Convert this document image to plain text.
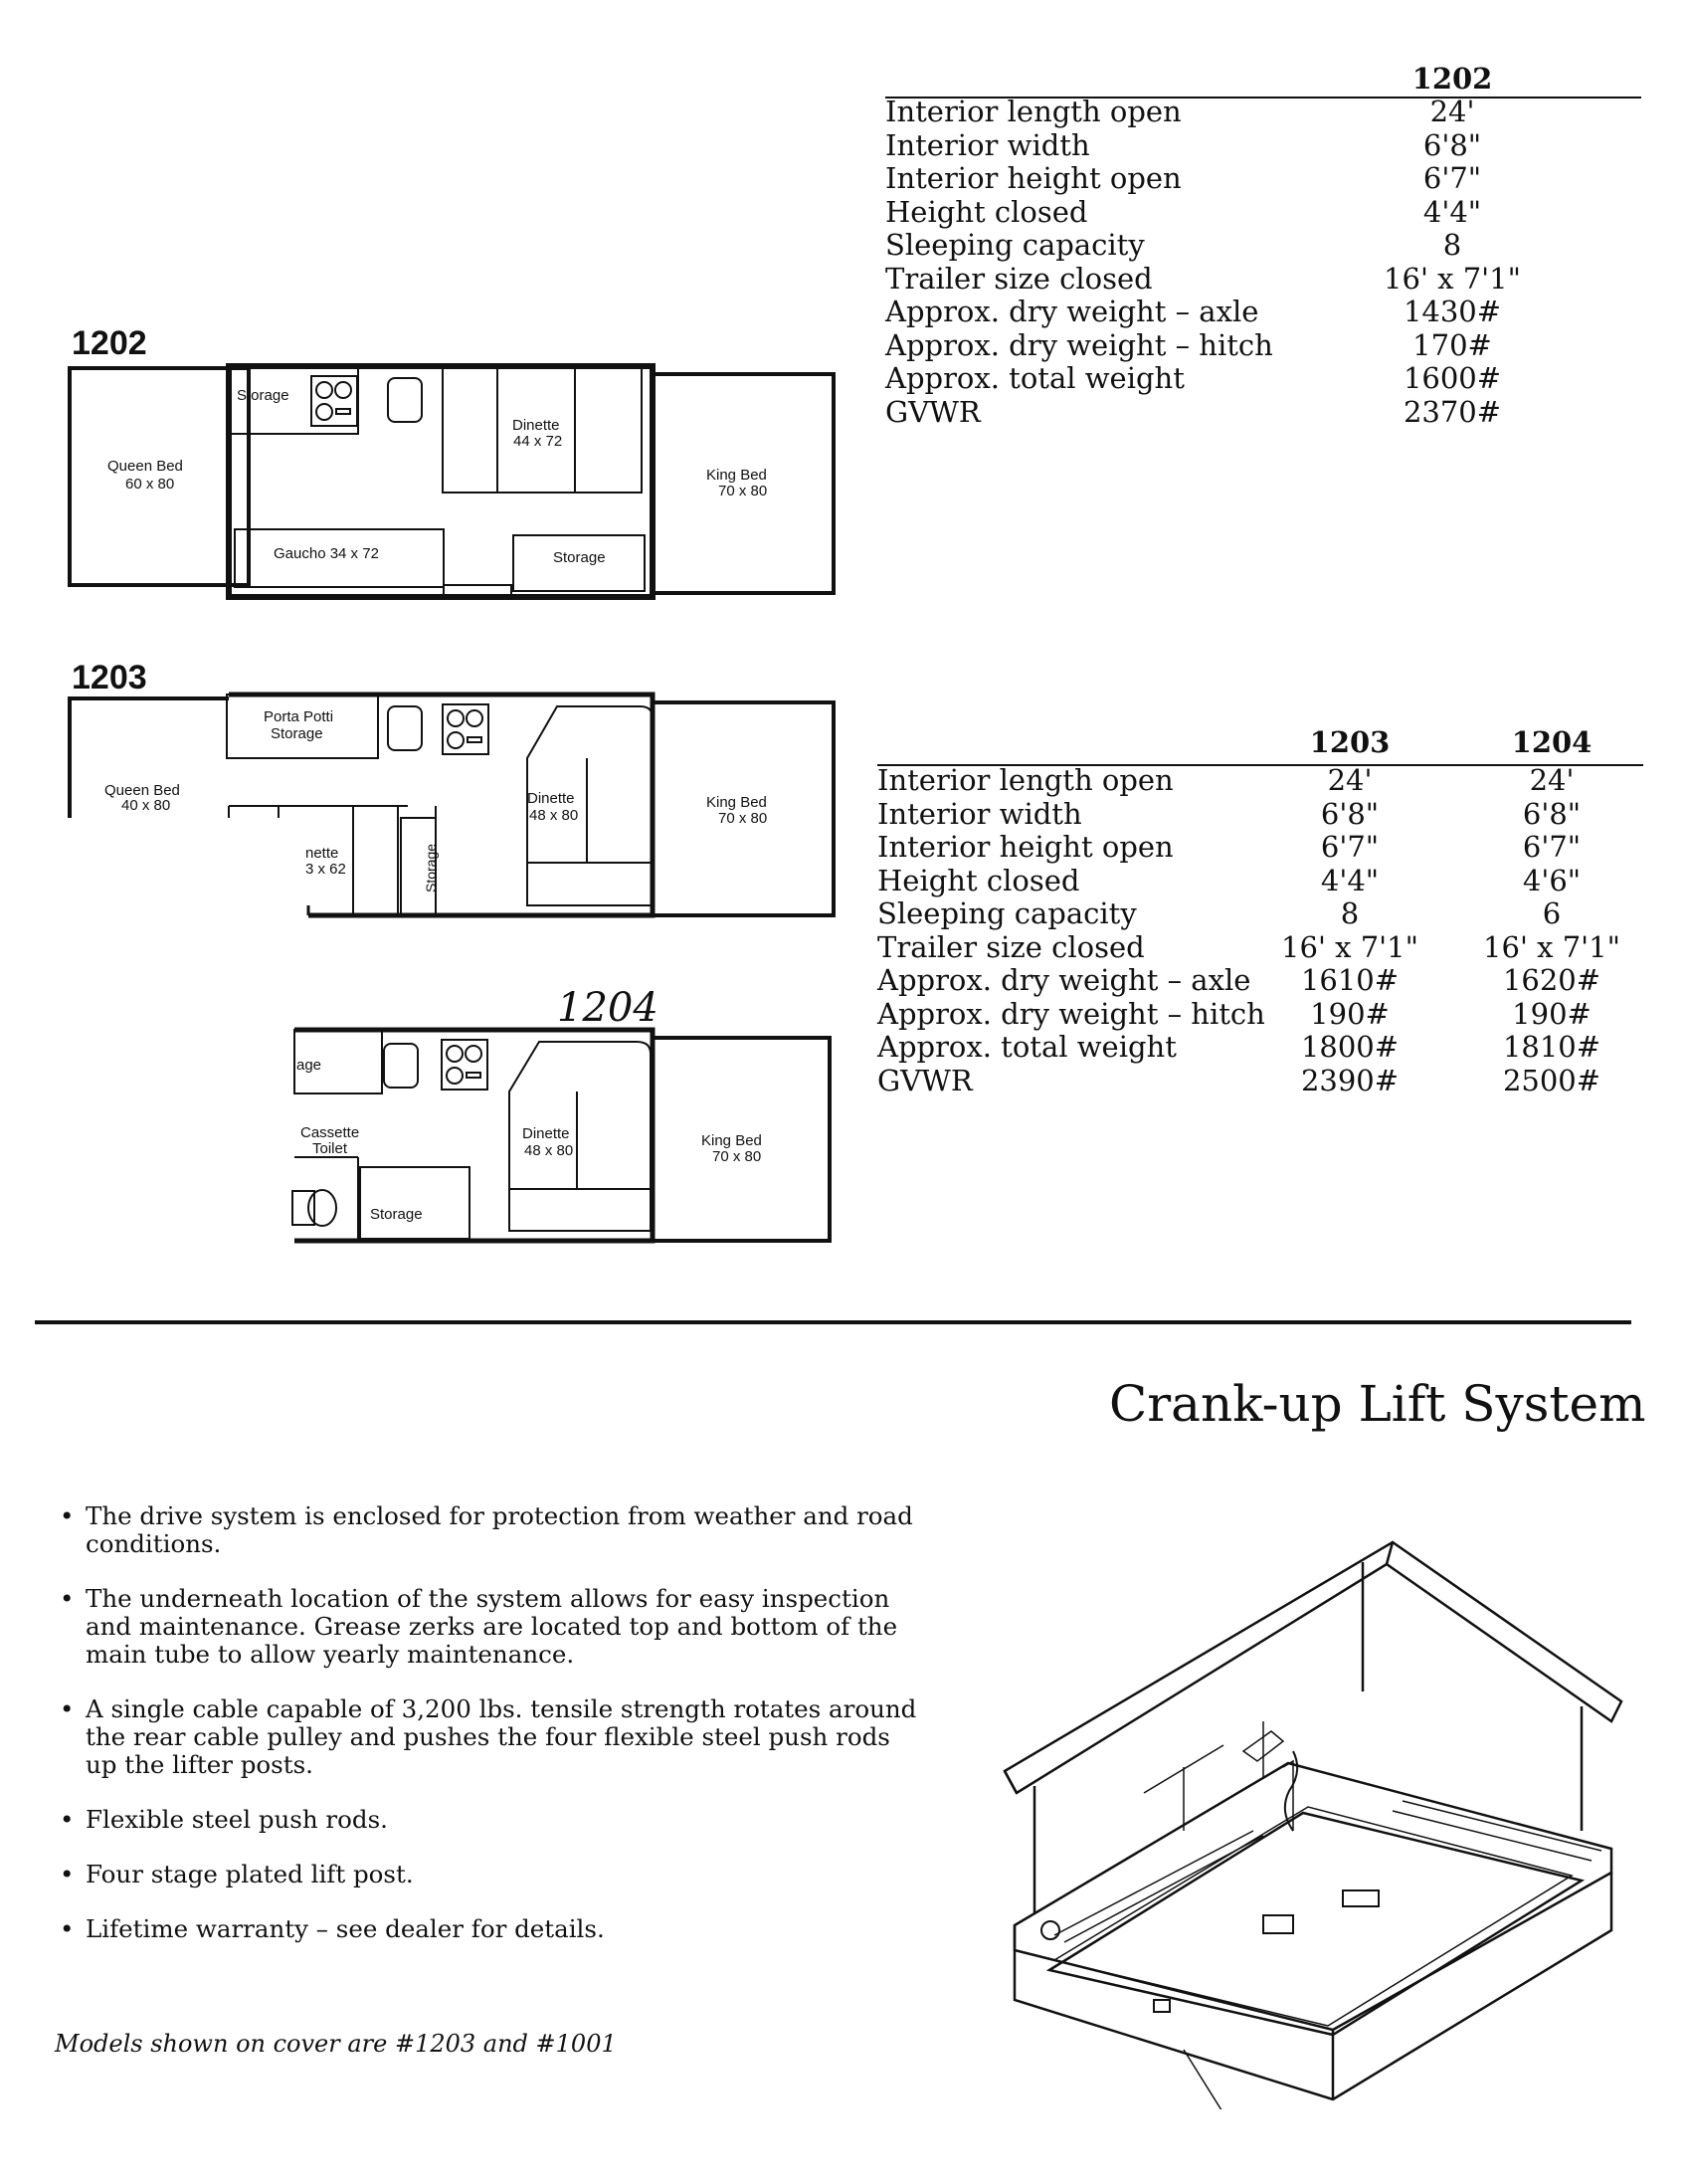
1202
Interior length open	24'
Interior width	6'8"
Interior height open	6'7"
Height closed	4'4"
Sleeping capacity	8
Trailer size closed	16' x 7'1"
Approx. dry weight – axle	1430#
Approx. dry weight – hitch	170#
Approx. total weight	1600#
GVWR	2370#
1203	1204
Interior length open	24'	24'
Interior width	6'8"	6'8"
Interior height open	6'7"	6'7"
Height closed	4'4"	4'6"
Sleeping capacity	8	6
Trailer size closed	16' x 7'1"	16' x 7'1"
Approx. dry weight – axle	1610#	1620#
Approx. dry weight – hitch	190#	190#
Approx. total weight	1800#	1810#
GVWR	2390#	2500#
1202
Storage
Queen Bed
60 x 80
Dinette
44 x 72
King Bed
70 x 80
Gaucho 34 x 72	Storage
1203
Porta Potti
Storage
Queen Bed
40 x 80	Dinette
48 x 80
King Bed
70 x 80
nette
3 x 62	Storage
1204
age
Cassette
Toilet
Dinette
48 x 80
King Bed
70 x 80
Storage
Crank-up Lift System
• The drive system is enclosed for protection from weather and road conditions.
• The underneath location of the system allows for easy inspection and maintenance. Grease zerks are located top and bottom of the main tube to allow yearly maintenance.
• A single cable capable of 3,200 lbs. tensile strength rotates around the rear cable pulley and pushes the four flexible steel push rods up the lifter posts.
• Flexible steel push rods.
• Four stage plated lift post.
• Lifetime warranty – see dealer for details.
Models shown on cover are #1203 and #1001
